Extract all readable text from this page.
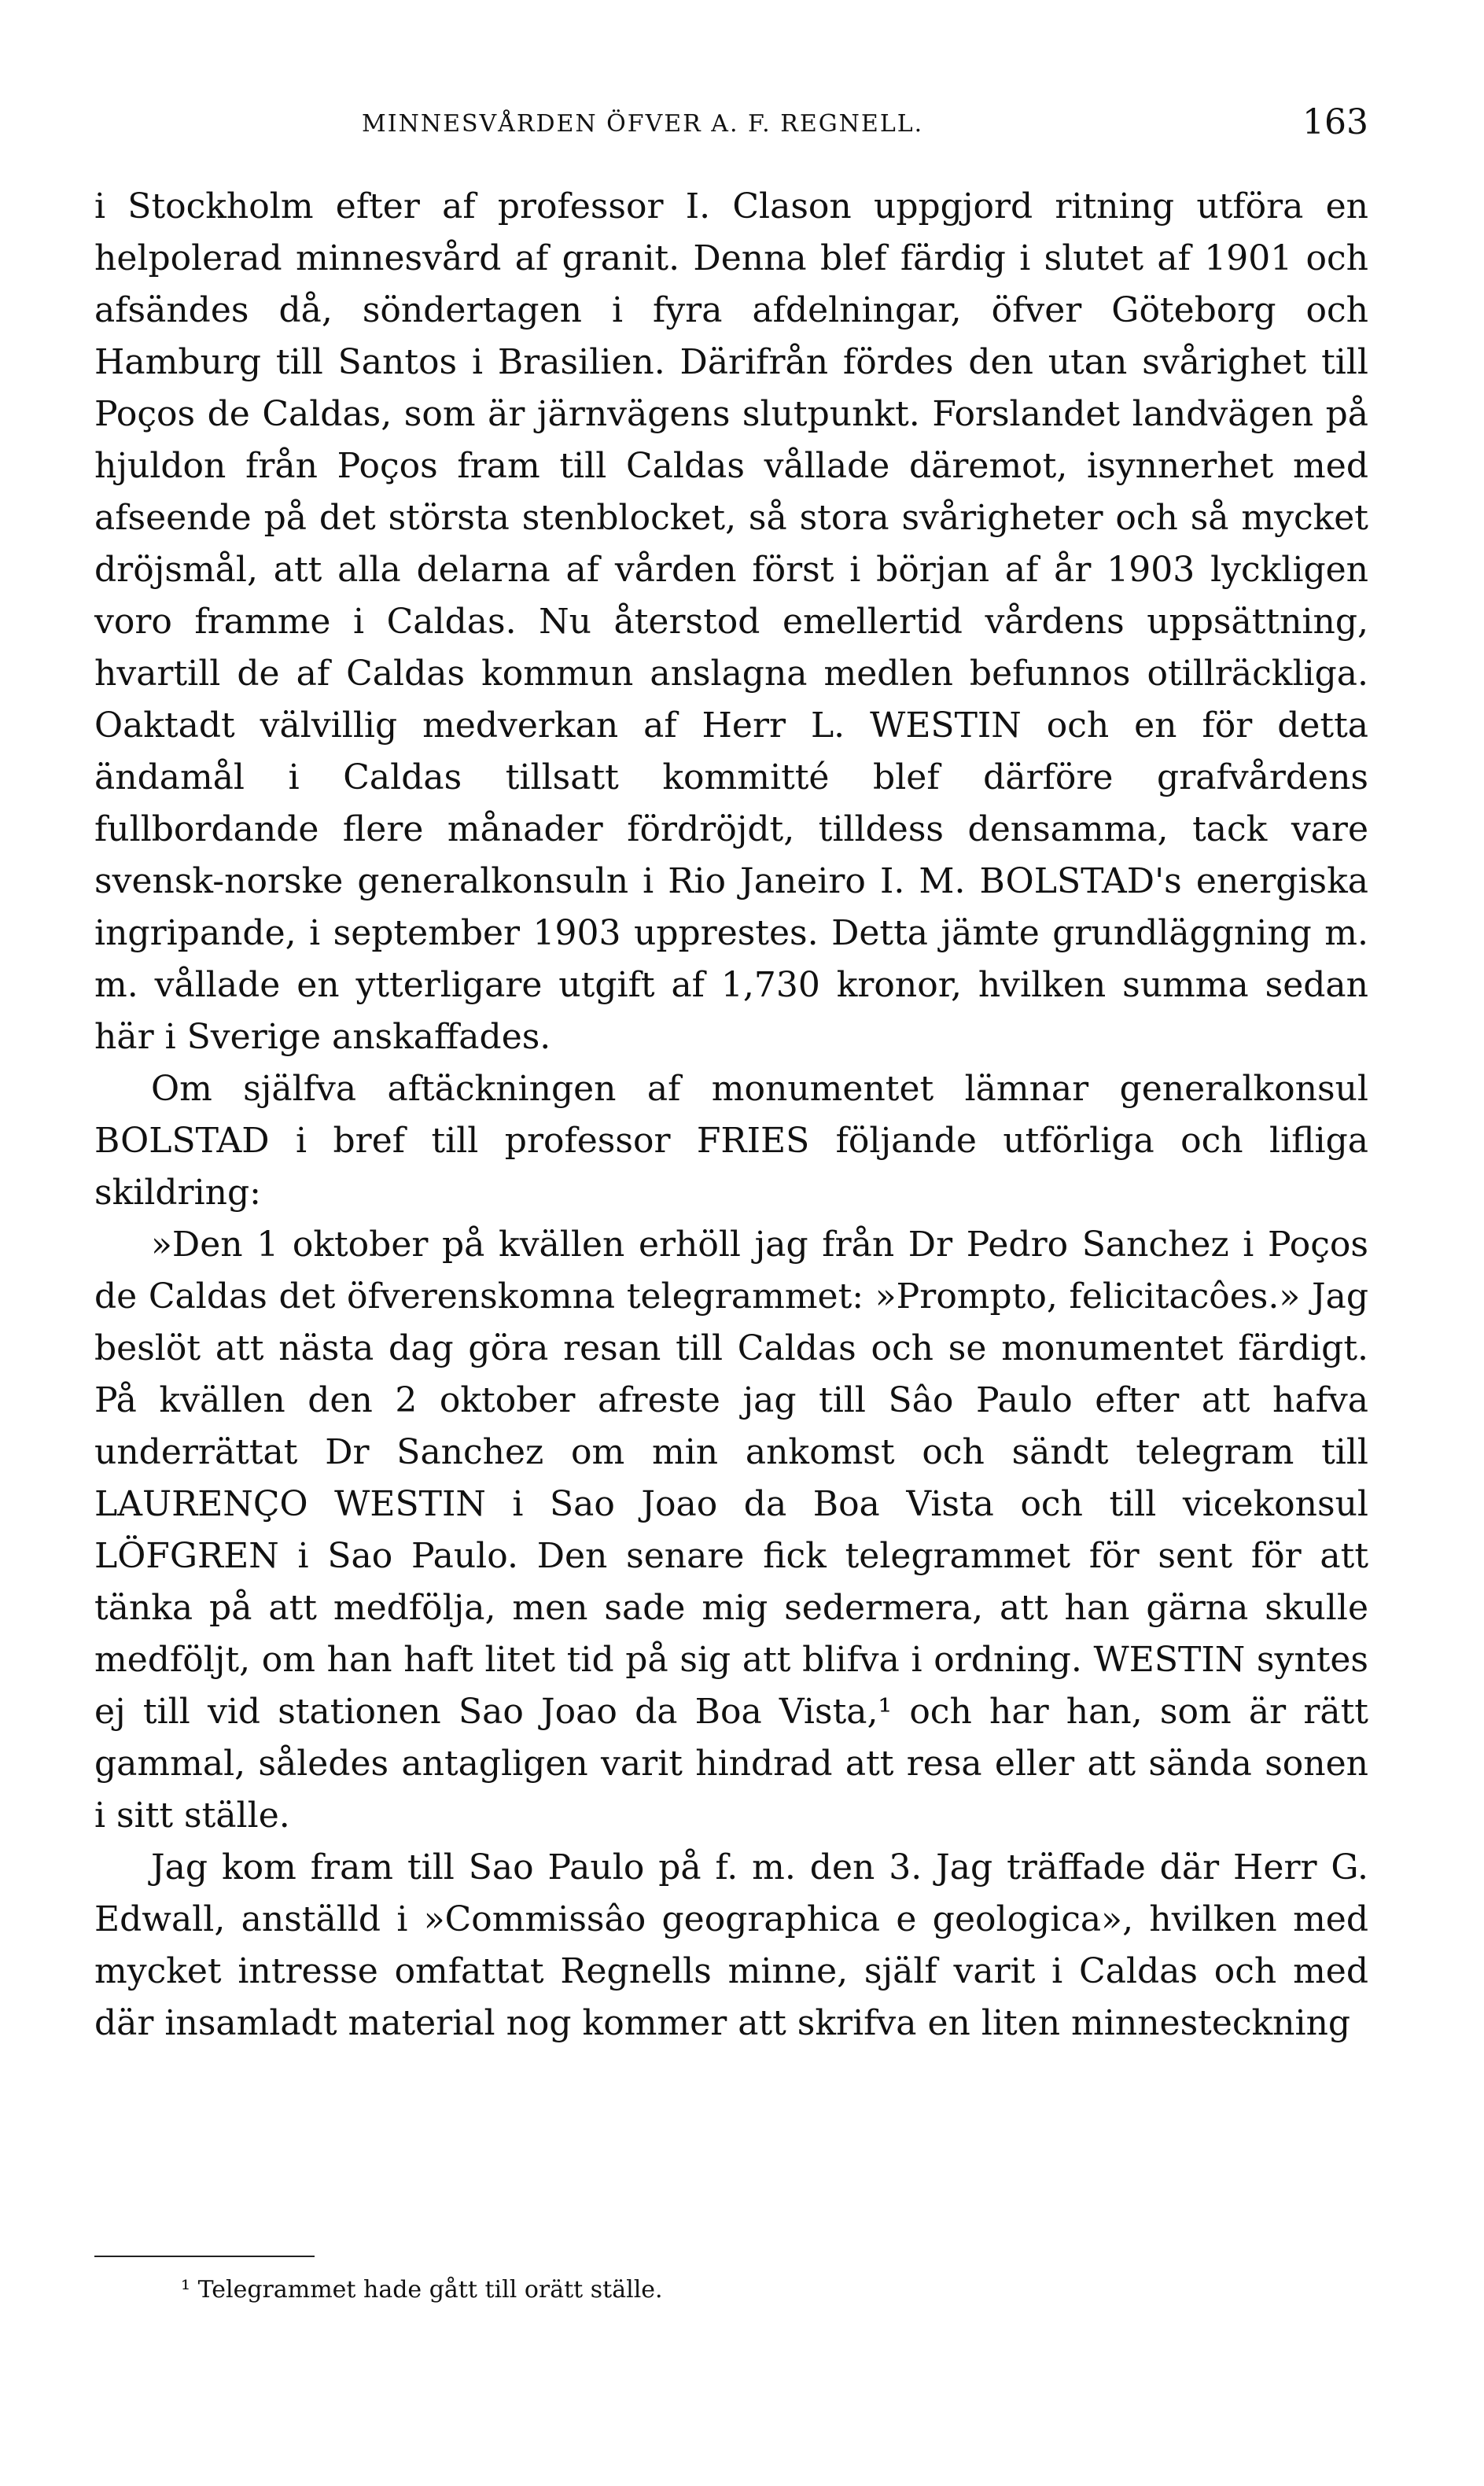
MINNESVÅRDEN ÖFVER A. F. REGNELL.	163

i Stockholm efter af professor I. Clason uppgjord ritning utföra en helpolerad minnesvård af granit. Denna blef färdig i slutet af 1901 och afsändes då, söndertagen i fyra afdelningar, öfver Göteborg och Hamburg till Santos i Brasilien. Därifrån fördes den utan svårighet till Poços de Caldas, som är järnvägens slutpunkt. Forslandet landvägen på hjuldon från Poços fram till Caldas vållade däremot, isynnerhet med afseende på det största stenblocket, så stora svårigheter och så mycket dröjsmål, att alla delarna af vården först i början af år 1903 lyckligen voro framme i Caldas. Nu återstod emellertid vårdens uppsättning, hvartill de af Caldas kommun anslagna medlen befunnos otillräckliga. Oaktadt välvillig medverkan af Herr L. WESTIN och en för detta ändamål i Caldas tillsatt kommitté blef därföre grafvårdens fullbordande flere månader fördröjdt, tilldess densamma, tack vare svensk-norske generalkonsuln i Rio Janeiro I. M. BOLSTAD's energiska ingripande, i september 1903 upprestes. Detta jämte grundläggning m. m. vållade en ytterligare utgift af 1,730 kronor, hvilken summa sedan här i Sverige anskaffades.

Om själfva aftäckningen af monumentet lämnar generalkonsul BOLSTAD i bref till professor FRIES följande utförliga och lifliga skildring:

»Den 1 oktober på kvällen erhöll jag från Dr Pedro Sanchez i Poços de Caldas det öfverenskomna telegrammet: »Prompto, felicitacôes.» Jag beslöt att nästa dag göra resan till Caldas och se monumentet färdigt. På kvällen den 2 oktober afreste jag till Sâo Paulo efter att hafva underrättat Dr Sanchez om min ankomst och sändt telegram till LAURENÇO WESTIN i Sao Joao da Boa Vista och till vicekonsul LÖFGREN i Sao Paulo. Den senare fick telegrammet för sent för att tänka på att medfölja, men sade mig sedermera, att han gärna skulle medföljt, om han haft litet tid på sig att blifva i ordning. WESTIN syntes ej till vid stationen Sao Joao da Boa Vista,¹ och har han, som är rätt gammal, således antagligen varit hindrad att resa eller att sända sonen i sitt ställe.

Jag kom fram till Sao Paulo på f. m. den 3. Jag träffade där Herr G. Edwall, anställd i »Commissâo geographica e geologica», hvilken med mycket intresse omfattat Regnells minne, själf varit i Caldas och med där insamladt material nog kommer att skrifva en liten minnesteckning

¹ Telegrammet hade gått till orätt ställe.
